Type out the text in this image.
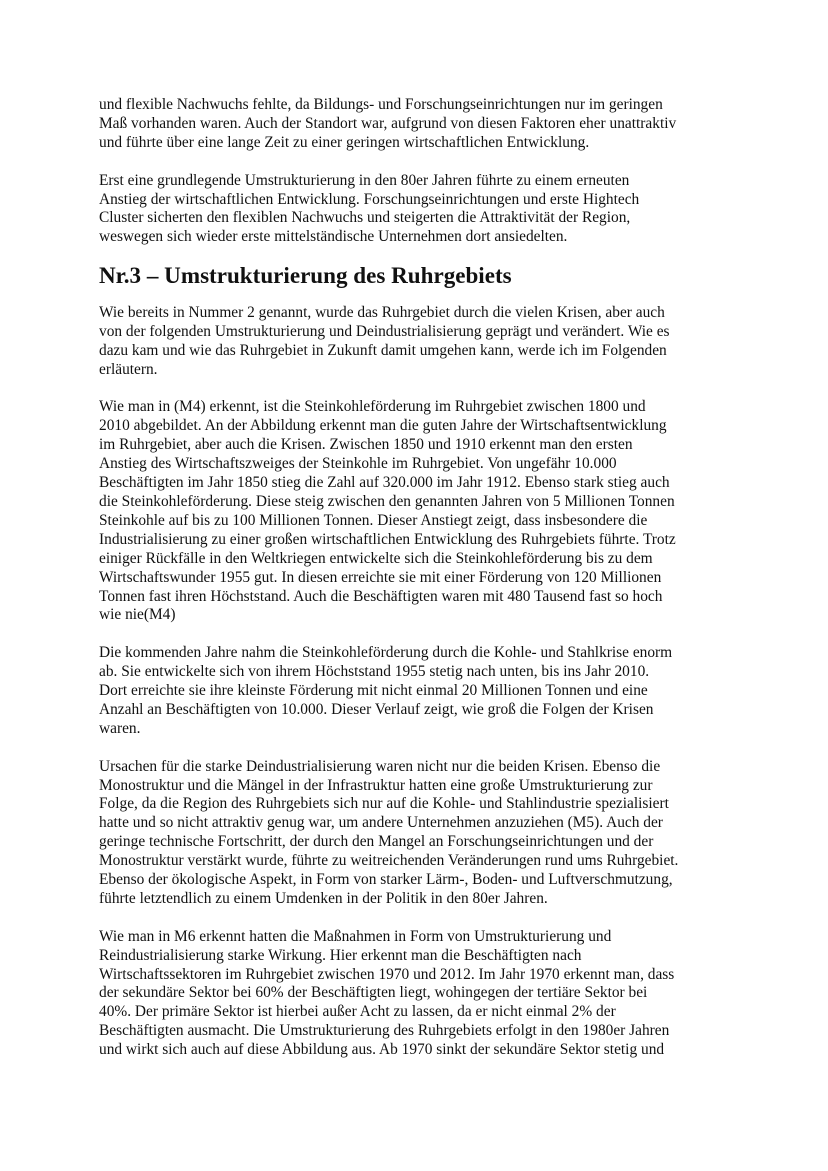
und flexible Nachwuchs fehlte, da Bildungs- und Forschungseinrichtungen nur im geringen
Maß vorhanden waren. Auch der Standort war, aufgrund von diesen Faktoren eher unattraktiv
und führte über eine lange Zeit zu einer geringen wirtschaftlichen Entwicklung.

Erst eine grundlegende Umstrukturierung in den 80er Jahren führte zu einem erneuten
Anstieg der wirtschaftlichen Entwicklung. Forschungseinrichtungen und erste Hightech
Cluster sicherten den flexiblen Nachwuchs und steigerten die Attraktivität der Region,
weswegen sich wieder erste mittelständische Unternehmen dort ansiedelten.

Nr.3 – Umstrukturierung des Ruhrgebiets

Wie bereits in Nummer 2 genannt, wurde das Ruhrgebiet durch die vielen Krisen, aber auch
von der folgenden Umstrukturierung und Deindustrialisierung geprägt und verändert. Wie es
dazu kam und wie das Ruhrgebiet in Zukunft damit umgehen kann, werde ich im Folgenden
erläutern.

Wie man in (M4) erkennt, ist die Steinkohleförderung im Ruhrgebiet zwischen 1800 und
2010 abgebildet. An der Abbildung erkennt man die guten Jahre der Wirtschaftsentwicklung
im Ruhrgebiet, aber auch die Krisen. Zwischen 1850 und 1910 erkennt man den ersten
Anstieg des Wirtschaftszweiges der Steinkohle im Ruhrgebiet. Von ungefähr 10.000
Beschäftigten im Jahr 1850 stieg die Zahl auf 320.000 im Jahr 1912. Ebenso stark stieg auch
die Steinkohleförderung. Diese steig zwischen den genannten Jahren von 5 Millionen Tonnen
Steinkohle auf bis zu 100 Millionen Tonnen. Dieser Anstiegt zeigt, dass insbesondere die
Industrialisierung zu einer großen wirtschaftlichen Entwicklung des Ruhrgebiets führte. Trotz
einiger Rückfälle in den Weltkriegen entwickelte sich die Steinkohleförderung bis zu dem
Wirtschaftswunder 1955 gut. In diesen erreichte sie mit einer Förderung von 120 Millionen
Tonnen fast ihren Höchststand. Auch die Beschäftigten waren mit 480 Tausend fast so hoch
wie nie(M4)

Die kommenden Jahre nahm die Steinkohleförderung durch die Kohle- und Stahlkrise enorm
ab. Sie entwickelte sich von ihrem Höchststand 1955 stetig nach unten, bis ins Jahr 2010.
Dort erreichte sie ihre kleinste Förderung mit nicht einmal 20 Millionen Tonnen und eine
Anzahl an Beschäftigten von 10.000. Dieser Verlauf zeigt, wie groß die Folgen der Krisen
waren.

Ursachen für die starke Deindustrialisierung waren nicht nur die beiden Krisen. Ebenso die
Monostruktur und die Mängel in der Infrastruktur hatten eine große Umstrukturierung zur
Folge, da die Region des Ruhrgebiets sich nur auf die Kohle- und Stahlindustrie spezialisiert
hatte und so nicht attraktiv genug war, um andere Unternehmen anzuziehen (M5). Auch der
geringe technische Fortschritt, der durch den Mangel an Forschungseinrichtungen und der
Monostruktur verstärkt wurde, führte zu weitreichenden Veränderungen rund ums Ruhrgebiet.
Ebenso der ökologische Aspekt, in Form von starker Lärm-, Boden- und Luftverschmutzung,
führte letztendlich zu einem Umdenken in der Politik in den 80er Jahren.

Wie man in M6 erkennt hatten die Maßnahmen in Form von Umstrukturierung und
Reindustrialisierung starke Wirkung. Hier erkennt man die Beschäftigten nach
Wirtschaftssektoren im Ruhrgebiet zwischen 1970 und 2012. Im Jahr 1970 erkennt man, dass
der sekundäre Sektor bei 60% der Beschäftigten liegt, wohingegen der tertiäre Sektor bei
40%. Der primäre Sektor ist hierbei außer Acht zu lassen, da er nicht einmal 2% der
Beschäftigten ausmacht. Die Umstrukturierung des Ruhrgebiets erfolgt in den 1980er Jahren
und wirkt sich auch auf diese Abbildung aus. Ab 1970 sinkt der sekundäre Sektor stetig und
